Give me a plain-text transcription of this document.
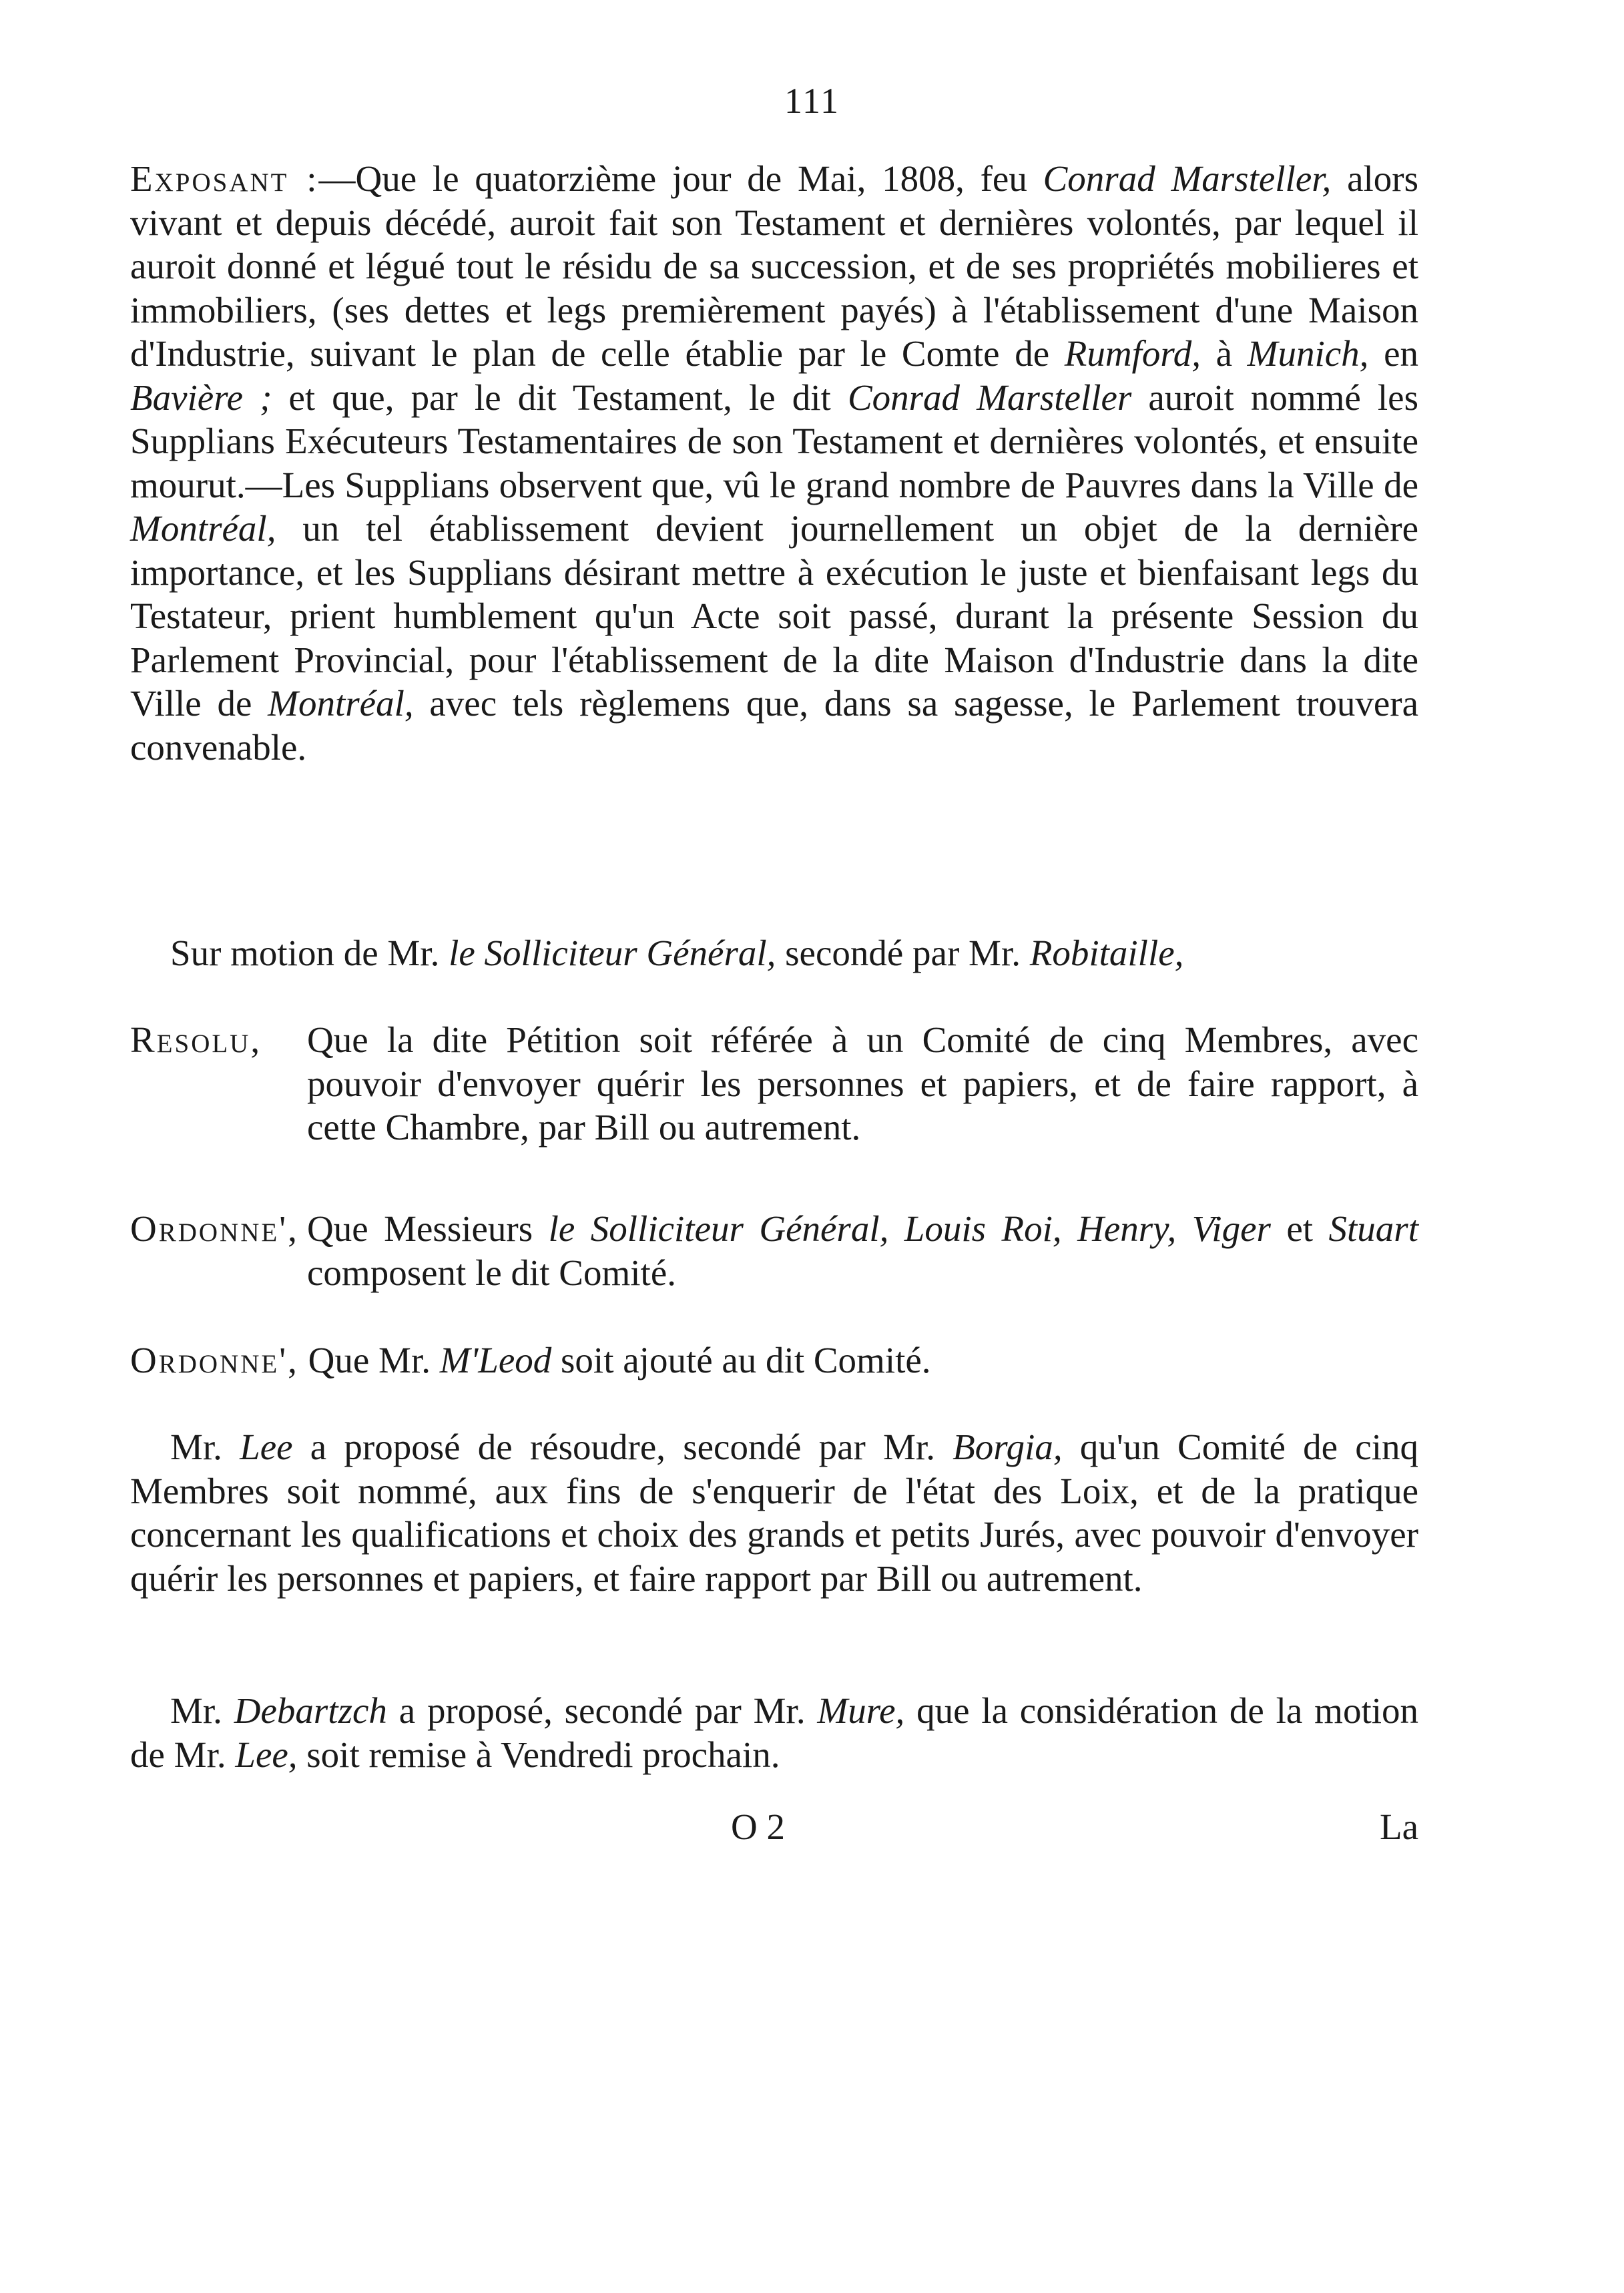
111
Exposant :—Que le quatorzième jour de Mai, 1808, feu Conrad Marsteller, alors vivant et depuis décédé, auroit fait son Testament et dernières volontés, par lequel il auroit donné et légué tout le résidu de sa succession, et de ses propriétés mobilieres et immobiliers, (ses dettes et legs premièrement payés) à l'établissement d'une Maison d'Industrie, suivant le plan de celle établie par le Comte de Rumford, à Munich, en Bavière ; et que, par le dit Testament, le dit Conrad Marsteller auroit nommé les Supplians Exécuteurs Testamentaires de son Testament et dernières volontés, et ensuite mourut.—Les Supplians observent que, vû le grand nombre de Pauvres dans la Ville de Montréal, un tel établissement devient journellement un objet de la dernière importance, et les Supplians désirant mettre à exécution le juste et bienfaisant legs du Testateur, prient humblement qu'un Acte soit passé, durant la présente Session du Parlement Provincial, pour l'établissement de la dite Maison d'Industrie dans la dite Ville de Montréal, avec tels règlemens que, dans sa sagesse, le Parlement trouvera convenable.
Sur motion de Mr. le Solliciteur Général, secondé par Mr. Robitaille,
Resolu, Que la dite Pétition soit référée à un Comité de cinq Membres, avec pouvoir d'envoyer quérir les personnes et papiers, et de faire rapport, à cette Chambre, par Bill ou autrement.
Ordonne', Que Messieurs le Solliciteur Général, Louis Roi, Henry, Viger et Stuart composent le dit Comité.
Ordonne', Que Mr. M'Leod soit ajouté au dit Comité.
Mr. Lee a proposé de résoudre, secondé par Mr. Borgia, qu'un Comité de cinq Membres soit nommé, aux fins de s'enquerir de l'état des Loix, et de la pratique concernant les qualifications et choix des grands et petits Jurés, avec pouvoir d'envoyer quérir les personnes et papiers, et faire rapport par Bill ou autrement.
Mr. Debartzch a proposé, secondé par Mr. Mure, que la considération de la motion de Mr. Lee, soit remise à Vendredi prochain.
O 2	La
